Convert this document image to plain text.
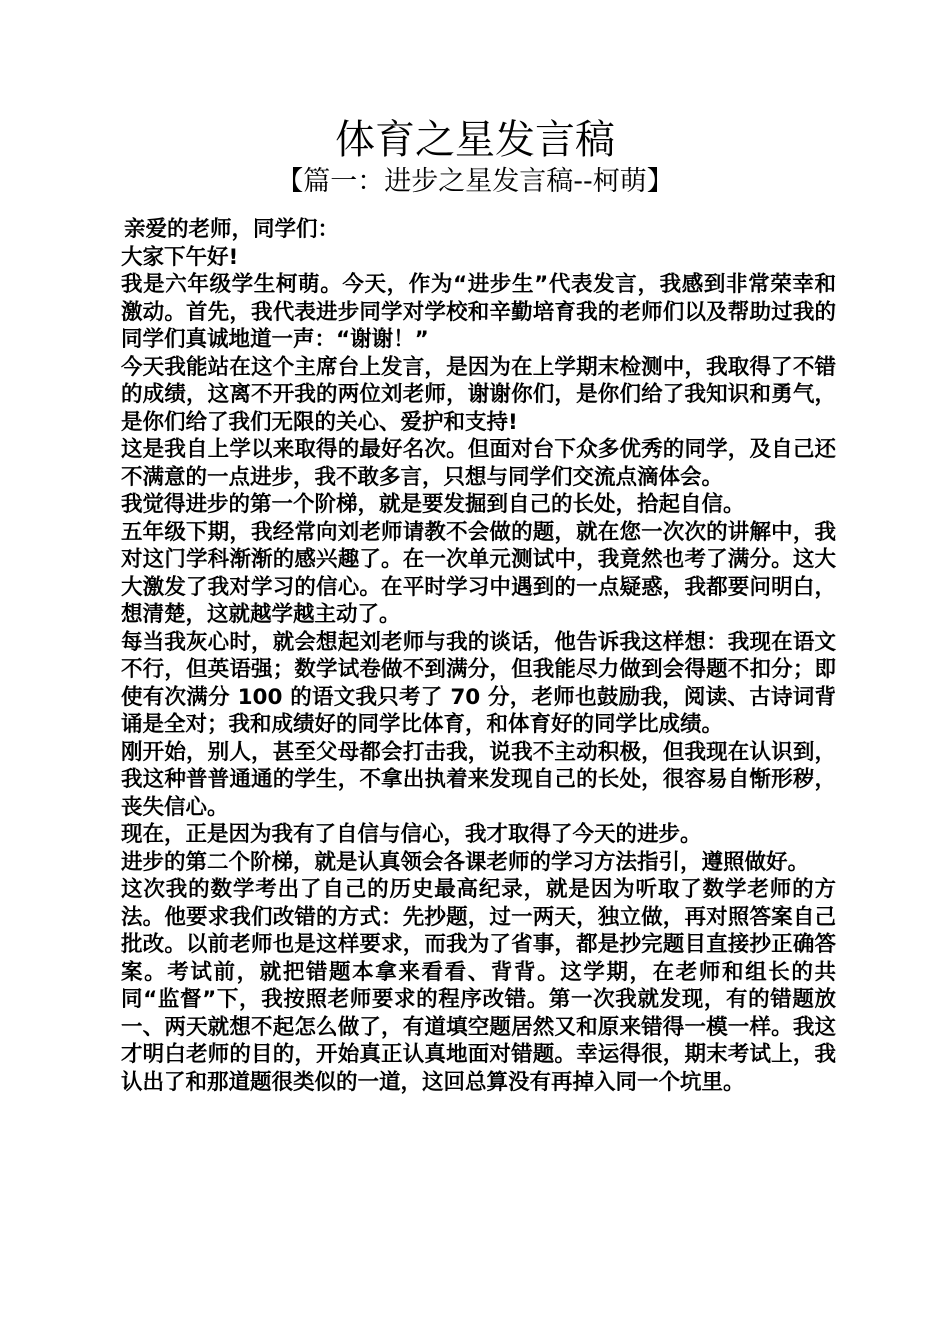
体育之星发言稿
【篇一：进步之星发言稿--柯萌】

亲爱的老师，同学们：

大家下午好!

我是六年级学生柯萌。今天，作为“进步生”代表发言，我感到非常荣幸和激动。首先，我代表进步同学对学校和辛勤培育我的老师们以及帮助过我的同学们真诚地道一声：“谢谢！”

今天我能站在这个主席台上发言，是因为在上学期末检测中，我取得了不错的成绩，这离不开我的两位刘老师，谢谢你们，是你们给了我知识和勇气，是你们给了我们无限的关心、爱护和支持!

这是我自上学以来取得的最好名次。但面对台下众多优秀的同学，及自己还不满意的一点进步，我不敢多言，只想与同学们交流点滴体会。

我觉得进步的第一个阶梯，就是要发掘到自己的长处，拾起自信。

五年级下期，我经常向刘老师请教不会做的题，就在您一次次的讲解中，我对这门学科渐渐的感兴趣了。在一次单元测试中，我竟然也考了满分。这大大激发了我对学习的信心。在平时学习中遇到的一点疑惑，我都要问明白，想清楚，这就越学越主动了。

每当我灰心时，就会想起刘老师与我的谈话，他告诉我这样想：我现在语文不行，但英语强；数学试卷做不到满分，但我能尽力做到会得题不扣分；即使有次满分 100 的语文我只考了 70 分，老师也鼓励我，阅读、古诗词背诵是全对；我和成绩好的同学比体育，和体育好的同学比成绩。

刚开始，别人，甚至父母都会打击我，说我不主动积极，但我现在认识到，我这种普普通通的学生，不拿出执着来发现自己的长处，很容易自惭形秽，丧失信心。

现在，正是因为我有了自信与信心，我才取得了今天的进步。

进步的第二个阶梯，就是认真领会各课老师的学习方法指引，遵照做好。

这次我的数学考出了自己的历史最高纪录，就是因为听取了数学老师的方法。他要求我们改错的方式：先抄题，过一两天，独立做，再对照答案自己批改。以前老师也是这样要求，而我为了省事，都是抄完题目直接抄正确答案。考试前，就把错题本拿来看看、背背。这学期，在老师和组长的共同“监督”下，我按照老师要求的程序改错。第一次我就发现，有的错题放一、两天就想不起怎么做了，有道填空题居然又和原来错得一模一样。我这才明白老师的目的，开始真正认真地面对错题。幸运得很，期末考试上，我认出了和那道题很类似的一道，这回总算没有再掉入同一个坑里。
